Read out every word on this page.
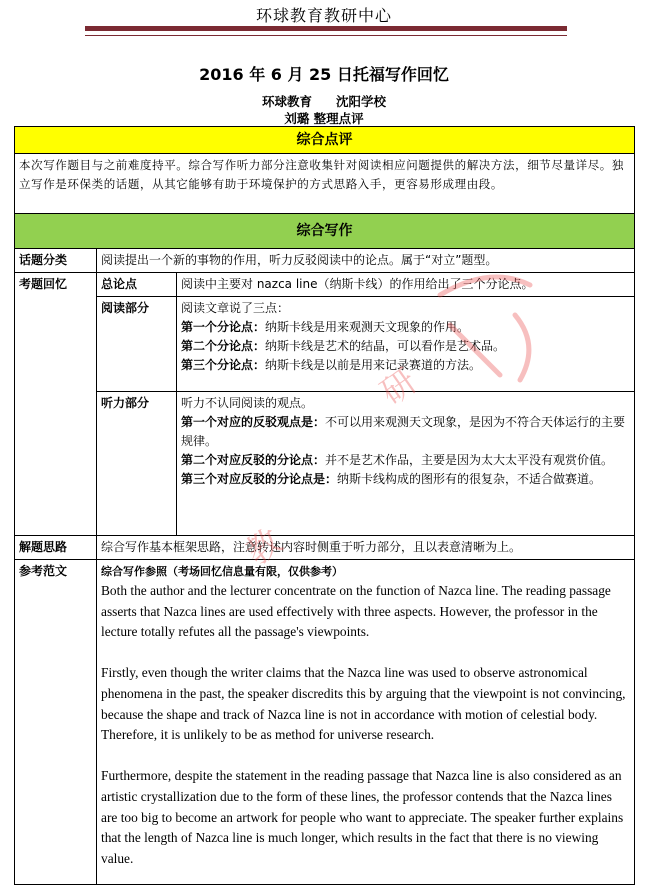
环球教育教研中心
2016 年 6 月 25 日托福写作回忆
环球教育 沈阳学校
刘璐 整理点评
综合点评		
本次写作题目与之前难度持平。综合写作听力部分注意收集针对阅读相应问题提供的解决方法，细节尽量详尽。独立写作是环保类的话题，从其它能够有助于环境保护的方式思路入手，更容易形成理由段。		
综合写作		
话题分类	阅读提出一个新的事物的作用，听力反驳阅读中的论点。属于“对立”题型。	
考题回忆	总论点	阅读中主要对 nazca line（纳斯卡线）的作用给出了三个分论点。
	阅读部分	阅读文章说了三点：
第一个分论点：纳斯卡线是用来观测天文现象的作用。
第二个分论点：纳斯卡线是艺术的结晶，可以看作是艺术品。
第三个分论点：纳斯卡线是以前是用来记录赛道的方法。

	听力部分	听力不认同阅读的观点。
第一个对应的反驳观点是：不可以用来观测天文现象，是因为不符合天体运行的主要规律。
第二个对应反驳的分论点：并不是艺术作品，主要是因为太大太平没有观赏价值。
第三个对应反驳的分论点是：纳斯卡线构成的图形有的很复杂，不适合做赛道。

解题思路	综合写作基本框架思路，注意转述内容时侧重于听力部分，且以表意清晰为上。	
参考范文	综合写作参照（考场回忆信息量有限，仅供参考）

Both the author and the lecturer concentrate on the function of Nazca line. The reading passage asserts that Nazca lines are used effectively with three aspects. However, the professor in the lecture totally refutes all the passage's viewpoints.

Firstly, even though the writer claims that the Nazca line was used to observe astronomical phenomena in the past, the speaker discredits this by arguing that the viewpoint is not convincing, because the shape and track of Nazca line is not in accordance with motion of celestial body. Therefore, it is unlikely to be as method for universe research.

Furthermore, despite the statement in the reading passage that Nazca line is also considered as an artistic crystallization due to the form of these lines, the professor contends that the Nazca lines are too big to become an artwork for people who want to appreciate. The speaker further explains that the length of Nazca line is much longer, which results in the fact that there is no viewing value.	

研
教
